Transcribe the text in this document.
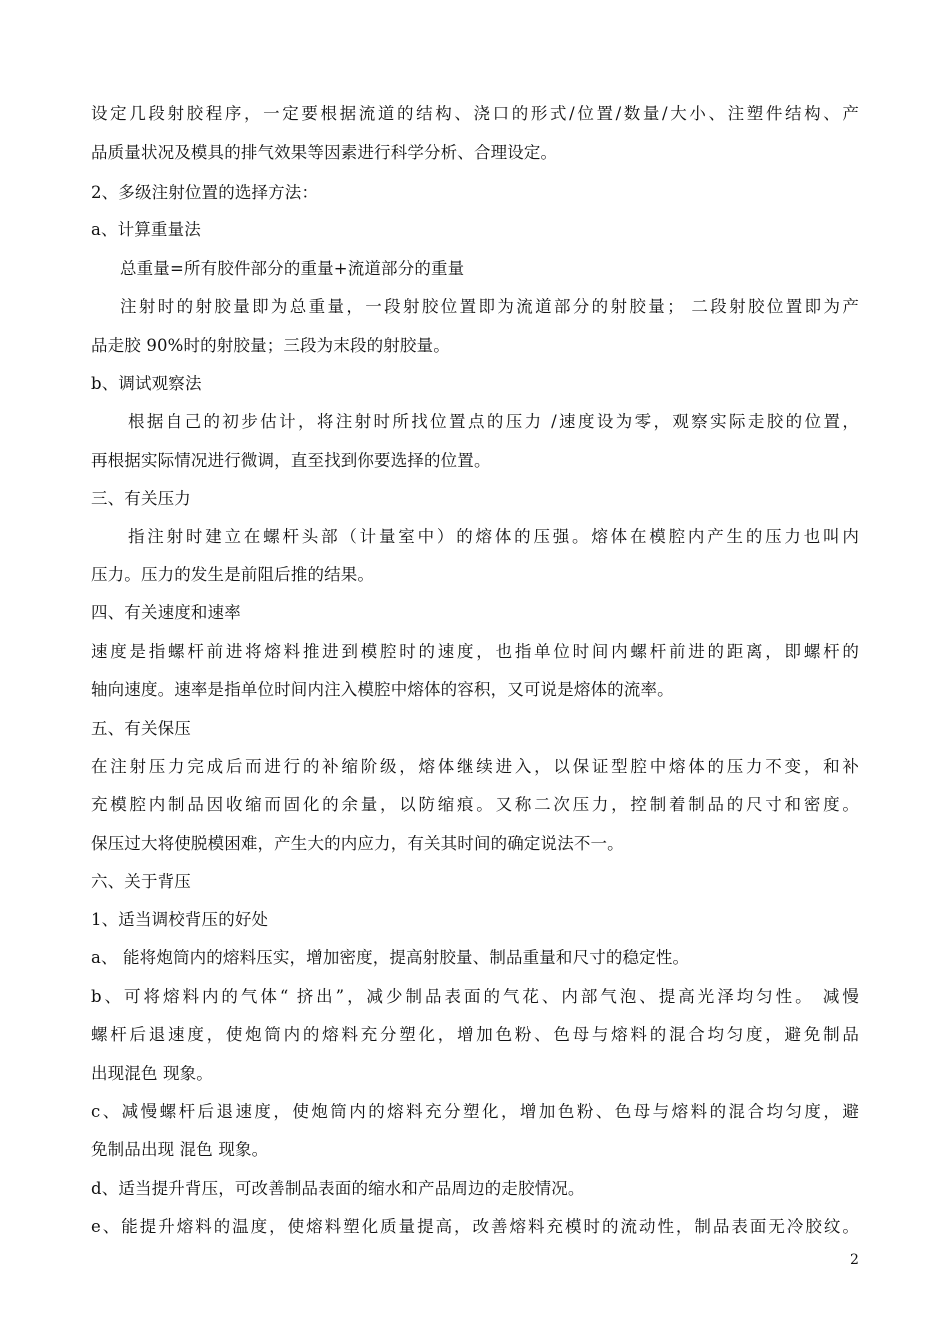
设定几段射胶程序，一定要根据流道的结构、浇口的形式/位置/数量/大小、注塑件结构、产
品质量状况及模具的排气效果等因素进行科学分析、合理设定。
2、多级注射位置的选择方法：
a、计算重量法
总重量=所有胶件部分的重量+流道部分的重量
注射时的射胶量即为总重量，一段射胶位置即为流道部分的射胶量； 二段射胶位置即为产
品走胶 90%时的射胶量；三段为末段的射胶量。
b、调试观察法
根据自己的初步估计，将注射时所找位置点的压力 /速度设为零，观察实际走胶的位置，
再根据实际情况进行微调，直至找到你要选择的位置。
三、有关压力
指注射时建立在螺杆头部（计量室中）的熔体的压强。熔体在模腔内产生的压力也叫内
压力。压力的发生是前阻后推的结果。
四、有关速度和速率
速度是指螺杆前进将熔料推进到模腔时的速度，也指单位时间内螺杆前进的距离，即螺杆的
轴向速度。速率是指单位时间内注入模腔中熔体的容积，又可说是熔体的流率。
五、有关保压
在注射压力完成后而进行的补缩阶级，熔体继续进入，以保证型腔中熔体的压力不变，和补
充模腔内制品因收缩而固化的余量，以防缩痕。又称二次压力，控制着制品的尺寸和密度。
保压过大将使脱模困难，产生大的内应力，有关其时间的确定说法不一。
六、关于背压
1、适当调校背压的好处
a、 能将炮筒内的熔料压实，增加密度，提高射胶量、制品重量和尺寸的稳定性。
b、可将熔料内的气体“ 挤出”，减少制品表面的气花、内部气泡、提高光泽均匀性。 减慢
螺杆后退速度，使炮筒内的熔料充分塑化，增加色粉、色母与熔料的混合均匀度，避免制品
出现混色 现象。
c、减慢螺杆后退速度，使炮筒内的熔料充分塑化，增加色粉、色母与熔料的混合均匀度，避
免制品出现 混色 现象。
d、适当提升背压，可改善制品表面的缩水和产品周边的走胶情况。
e、能提升熔料的温度，使熔料塑化质量提高，改善熔料充模时的流动性，制品表面无冷胶纹。
2
